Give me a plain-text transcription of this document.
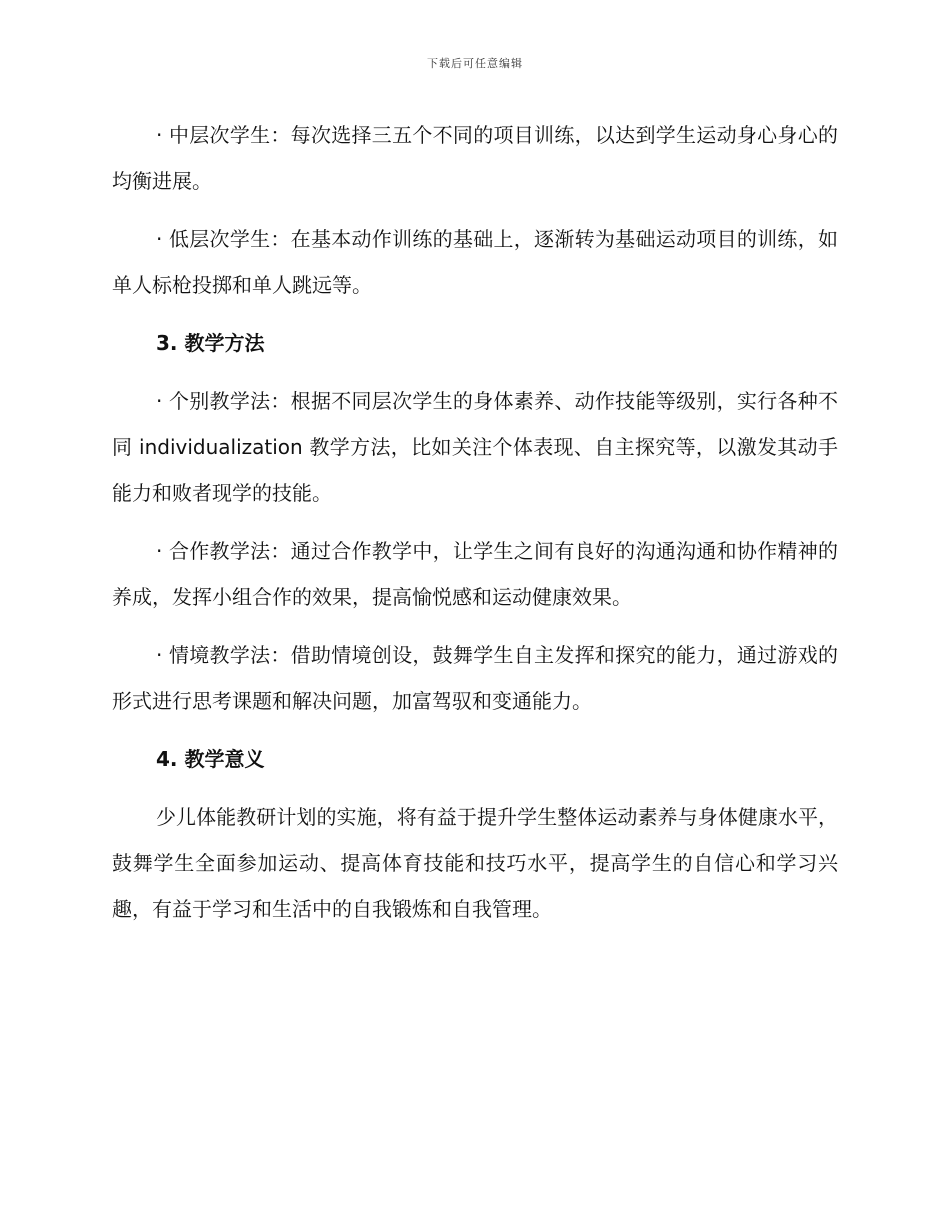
下载后可任意编辑

· 中层次学生：每次选择三五个不同的项目训练，以达到学生运动身心身心的均衡进展。

· 低层次学生：在基本动作训练的基础上，逐渐转为基础运动项目的训练，如单人标枪投掷和单人跳远等。

3. 教学方法

· 个别教学法：根据不同层次学生的身体素养、动作技能等级别，实行各种不同 individualization 教学方法，比如关注个体表现、自主探究等，以激发其动手能力和败者现学的技能。

· 合作教学法：通过合作教学中，让学生之间有良好的沟通沟通和协作精神的养成，发挥小组合作的效果，提高愉悦感和运动健康效果。

· 情境教学法：借助情境创设，鼓舞学生自主发挥和探究的能力，通过游戏的形式进行思考课题和解决问题，加富驾驭和变通能力。

4. 教学意义

少儿体能教研计划的实施，将有益于提升学生整体运动素养与身体健康水平，鼓舞学生全面参加运动、提高体育技能和技巧水平，提高学生的自信心和学习兴趣，有益于学习和生活中的自我锻炼和自我管理。
